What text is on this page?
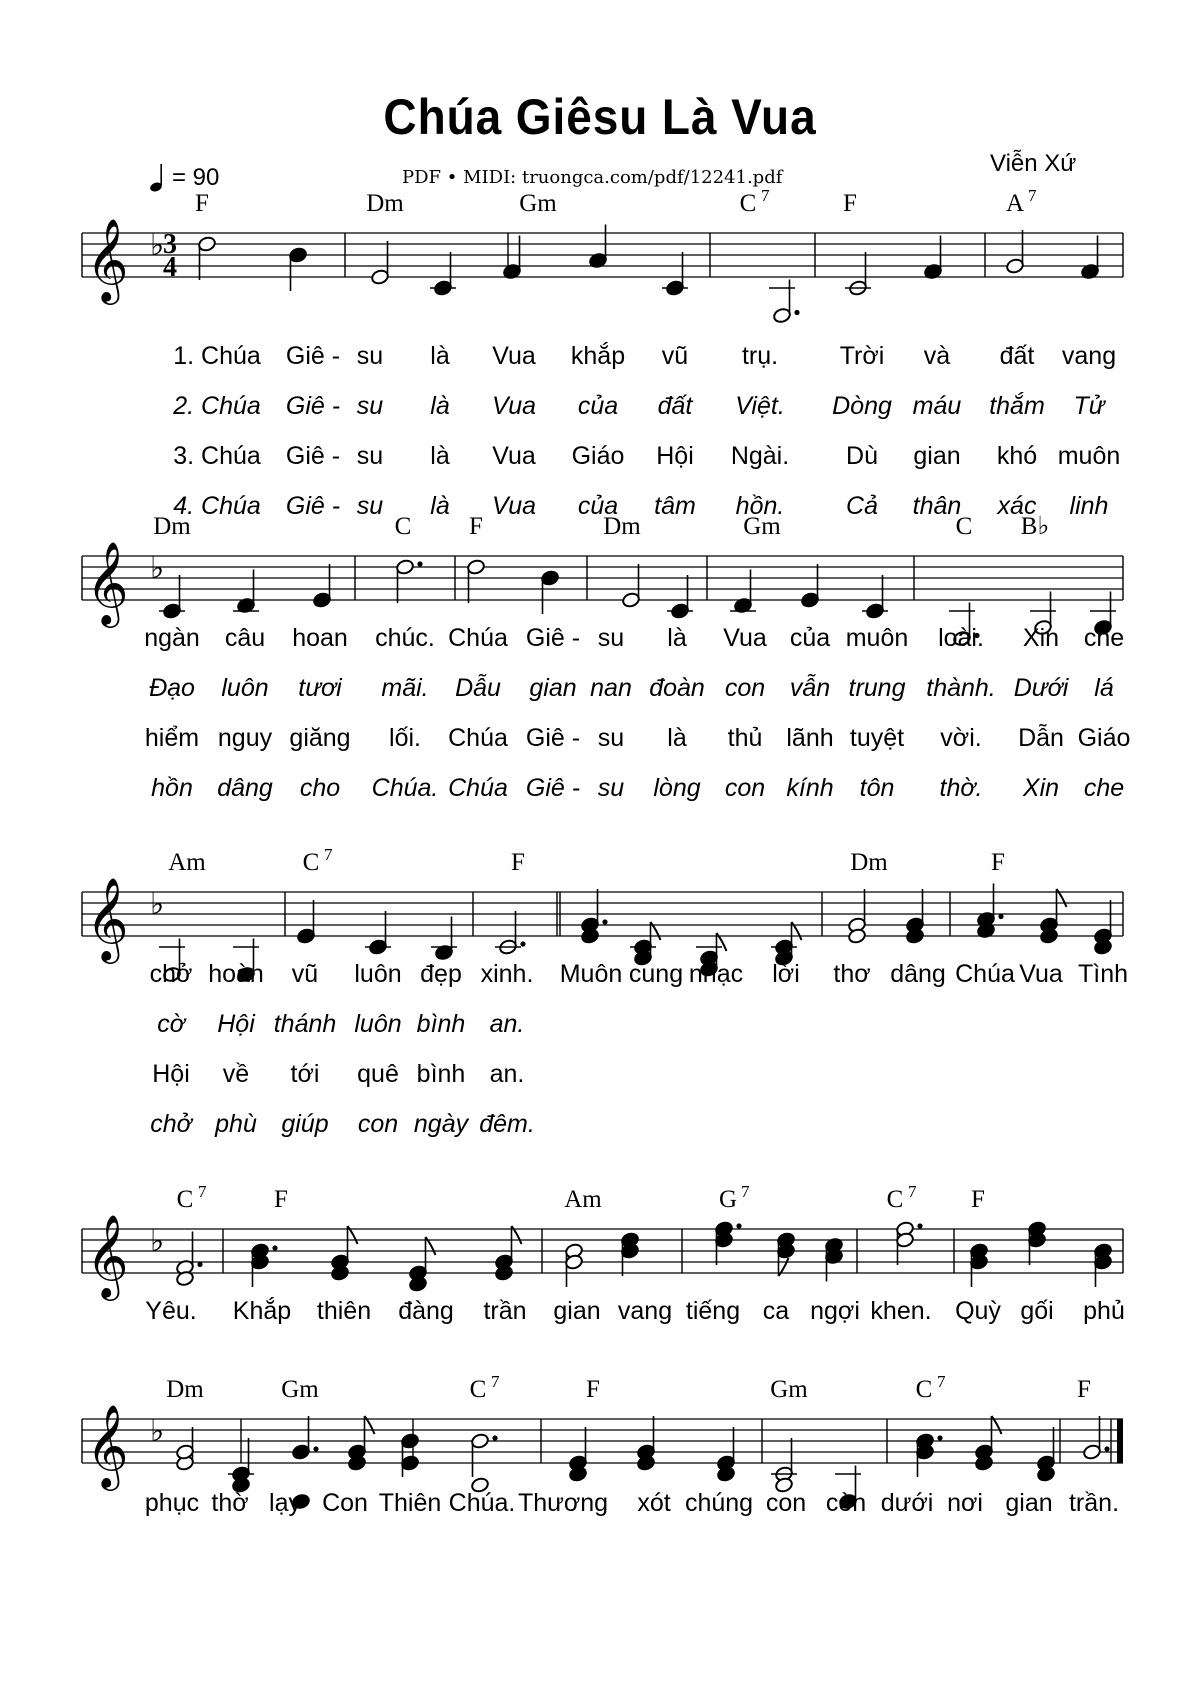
Chúa Giêsu Là Vua
Viễn Xứ
PDF • MIDI: truongca.com/pdf/12241.pdf
= 90
𝄞 ♭
3
4
F	Dm	Gm	C 7	F	A 7
𝄞 ♭
Dm	C F	Dm	Gm	C B♭
𝄞 ♭
Am	C 7	F	Dm	F
𝄞 ♭
C 7	F	Am	G 7	C 7 F
𝄞 ♭
Dm	Gm	C 7	F	Gm	C 7	F
1. Chúa Giê - su là Vua khắp vũ trụ. Trời và đất vang
2. Chúa Giê - su là Vua của đất Việt. Dòng máu thắm Tử
3. Chúa Giê - su là Vua Giáo Hội Ngài. Dù gian khó muôn
4. Chúa Giê - su là Vua của tâm hồn. Cả thân xác linh
ngàn câu hoan chúc. Chúa Giê - su là Vua của muôn loài. Xin che
Đạo luôn tươi mãi. Dẫu gian nan đoàn con vẫn trung thành. Dưới lá
hiểm nguy giăng lối. Chúa Giê - su là thủ lãnh tuyệt vời. Dẫn Giáo
hồn dâng cho Chúa. Chúa Giê - su lòng con kính tôn thờ. Xin che
chở hoàn vũ luôn đẹp xinh. Muôn cung nhạc lời thơ dâng Chúa Vua Tình
cờ Hội thánh luôn bình an.
Hội về tới quê bình an.
chở phù giúp con ngày đêm.
Yêu. Khắp thiên đàng trần gian vang tiếng ca ngợi khen. Quỳ gối phủ
phục thờ lạy Con Thiên Chúa. Thương xót chúng con còn dưới nơi gian trần.
